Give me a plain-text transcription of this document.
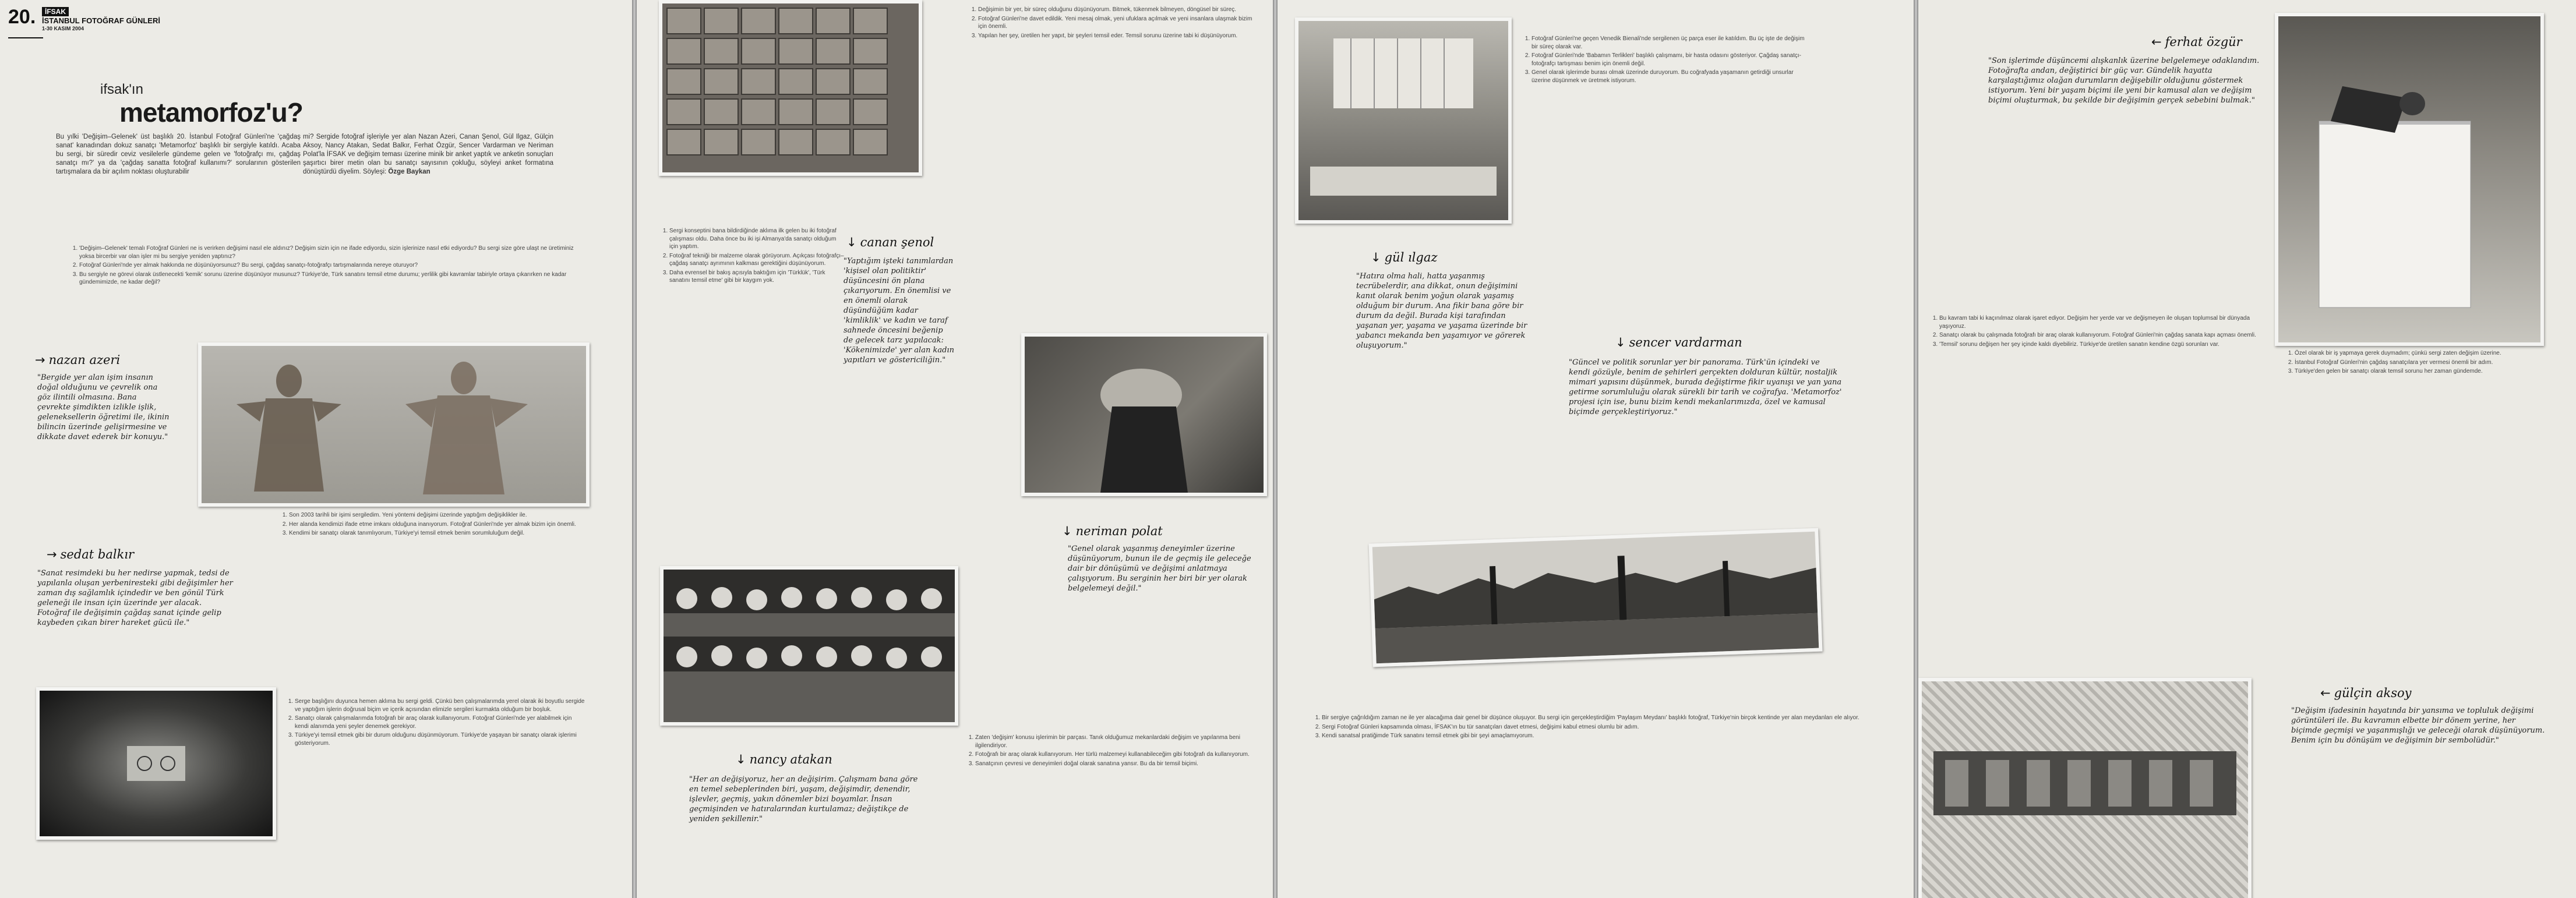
20.	İFSAK
İSTANBUL FOTOĞRAF GÜNLERİ
1-30 KASIM 2004
ifsak'ın
metamorfoz'u?
Bu yılki 'Değişim–Gelenek' üst başlıklı 20. İstanbul Fotoğraf Günleri'ne 'çağdaş sanat' kanadından dokuz sanatçı 'Metamorfoz' başlıklı bir sergiyle katıldı. Acaba bu sergi, bir süredir ceviz vesilelerle gündeme gelen ve 'fotoğrafçı mı, çağdaş sanatçı mı?' ya da 'çağdaş sanatta fotoğraf kullanımı?' sorularının gösterilen tartışmalara da bir açılım noktası oluşturabilir
mi? Sergide fotoğraf işleriyle yer alan Nazan Azeri, Canan Şenol, Gül Ilgaz, Gülçin Aksoy, Nancy Atakan, Sedat Balkır, Ferhat Özgür, Sencer Vardarman ve Neriman Polat'la İFSAK ve değişim teması üzerine minik bir anket yaptık ve anketin sonuçları şaşırtıcı birer metin olan bu sanatçı sayısının çokluğu, söyleyi anket formatına dönüştürdü diyelim. Söyleşi: Özge Baykan
1. 'Değişim–Gelenek' temalı Fotoğraf Günleri ne is verirken değişimi nasıl ele aldınız? Değişim sizin için ne ifade ediyordu, sizin işlerinize nasıl etki ediyordu? Bu sergi size göre ulaşt ne üretiminiz yoksa bircerbir var olan işler mi bu sergiye yeniden yaptınız?
2. Fotoğraf Günleri'nde yer almak hakkında ne düşünüyorsunuz? Bu sergi, çağdaş sanatçı-fotoğrafçı tartışmalarında nereye oturuyor?
3. Bu sergiyle ne görevi olarak üstlenecekti 'kemik' sorunu üzerine düşünüyor musunuz? Türkiye'de, Türk sanatını temsil etme durumu; yerlilik gibi kavramlar tabiriyle ortaya çıkarırken ne kadar gündemimizde, ne kadar değil?
→ nazan azeri
"Bergide yer alan işim insanın doğal olduğunu ve çevrelik ona göz ilintili olmasına. Bana çevrekte şimdikten izlikle işlik, geleneksellerin öğretimi ile, ikinin bilincin üzerinde gelişirmesine ve dikkate davet ederek bir konuyu."
1. Son 2003 tarihli bir işimi sergiledim. Yeni yöntemi değişimi üzerinde yaptığım değişiklikler ile.
2. Her alanda kendimizi ifade etme imkanı olduğuna inanıyorum. Fotoğraf Günleri'nde yer almak bizim için önemli.
3. Kendimi bir sanatçı olarak tanımlıyorum, Türkiye'yi temsil etmek benim sorumluluğum değil.
→ sedat balkır
"Sanat resimdeki bu her nedirse yapmak, tedsi de yapılanla oluşan yerbeniresteki gibi değişimler her zaman dış sağlamlık içindedir ve ben gönül Türk geleneği ile insan için üzerinde yer alacak. Fotoğraf ile değişimin çağdaş sanat içinde gelip kaybeden çıkan birer hareket gücü ile."
1. Serge başlığını duyunca hemen aklıma bu sergi geldi. Çünkü ben çalışmalarımda yerel olarak iki boyutlu sergide ve yaptığım işlerin doğrusal biçim ve içerik açısından elimizle sergileri kurmakta olduğum bir boşluk.
2. Sanatçı olarak çalışmalarımda fotoğrafı bir araç olarak kullanıyorum. Fotoğraf Günleri'nde yer alabilmek için kendi alanımda yeni şeyler denemek gerekiyor.
3. Türkiye'yi temsil etmek gibi bir durum olduğunu düşünmüyorum. Türkiye'de yaşayan bir sanatçı olarak işlerimi gösteriyorum.
1. Sergi konseptini bana bildirdiğinde aklıma ilk gelen bu iki fotoğraf çalışması oldu. Daha önce bu iki işi Almanya'da sanatçı olduğum için yaptım.
2. Fotoğraf tekniği bir malzeme olarak görüyorum. Açıkçası fotoğrafçı–çağdaş sanatçı ayrımının kalkması gerektiğini düşünüyorum.
3. Daha evrensel bir bakış açısıyla baktığım için 'Türklük', 'Türk sanatını temsil etme' gibi bir kaygım yok.
↓ canan şenol
"Yaptığım işteki tanımlardan 'kişisel olan politiktir' düşüncesini ön plana çıkarıyorum. En önemlisi ve en önemli olarak düşündüğüm kadar 'kimliklik' ve kadın ve taraf sahnede öncesini beğenip de gelecek tarz yapılacak: 'Kökenimizde' yer alan kadın yapıtları ve göstericiliğin."
1. Değişimin bir yer, bir süreç olduğunu düşünüyorum. Bitmek, tükenmek bilmeyen, döngüsel bir süreç.
2. Fotoğraf Günleri'ne davet edildik. Yeni mesaj olmak, yeni ufuklara açılmak ve yeni insanlara ulaşmak bizim için önemli.
3. Yapılan her şey, üretilen her yapıt, bir şeyleri temsil eder. Temsil sorunu üzerine tabi ki düşünüyorum.
↓ neriman polat
"Genel olarak yaşanmış deneyimler üzerine düşünüyorum, bunun ile de geçmiş ile geleceğe dair bir dönüşümü ve değişimi anlatmaya çalışıyorum. Bu serginin her biri bir yer olarak belgelemeyi değil."
↓ nancy atakan
"Her an değişiyoruz, her an değişirim. Çalışmam bana göre en temel sebeplerinden biri, yaşam, değişimdir, denendir, işlevler, geçmiş, yakın dönemler bizi boyamlar. İnsan geçmişinden ve hatıralarından kurtulamaz; değiştikçe de yeniden şekillenir."
1. Zaten 'değişim' konusu işlerimin bir parçası. Tanık olduğumuz mekanlardaki değişim ve yapılanma beni ilgilendiriyor.
2. Fotoğrafı bir araç olarak kullanıyorum. Her türlü malzemeyi kullanabileceğim gibi fotoğrafı da kullanıyorum.
3. Sanatçının çevresi ve deneyimleri doğal olarak sanatına yansır. Bu da bir temsil biçimi.
1. Fotoğraf Günleri'ne geçen Venedik Bienali'nde sergilenen üç parça eser ile katıldım. Bu üç işte de değişim bir süreç olarak var.
2. Fotoğraf Günleri'nde 'Babamın Terlikleri' başlıklı çalışmamı, bir hasta odasını gösteriyor. Çağdaş sanatçı-fotoğrafçı tartışması benim için önemli değil.
3. Genel olarak işlerimde burası olmak üzerinde duruyorum. Bu coğrafyada yaşamanın getirdiği unsurlar üzerine düşünmek ve üretmek istiyorum.
↓ gül ılgaz
"Hatıra olma hali, hatta yaşanmış tecrübelerdir, ana dikkat, onun değişimini kanıt olarak benim yoğun olarak yaşamış olduğum bir durum. Ana fikir bana göre bir durum da değil. Burada kişi tarafından yaşanan yer, yaşama ve yaşama üzerinde bir yabancı mekanda ben yaşamıyor ve görerek oluşuyorum."	↓ sencer vardarman
"Güncel ve politik sorunlar yer bir panorama. Türk'ün içindeki ve kendi gözüyle, benim de şehirleri gerçekten dolduran kültür, nostaljik mimari yapısını düşünmek, burada değiştirme fikir uyanışı ve yan yana getirme sorumluluğu olarak sürekli bir tarih ve coğrafya. 'Metamorfoz' projesi için ise, bunu bizim kendi mekanlarımızda, özel ve kamusal biçimde gerçekleştiriyoruz."
1. Bir sergiye çağrıldığım zaman ne ile yer alacağıma dair genel bir düşünce oluşuyor. Bu sergi için gerçekleştirdiğim 'Paylaşım Meydanı' başlıklı fotoğraf, Türkiye'nin birçok kentinde yer alan meydanları ele alıyor.
2. Sergi Fotoğraf Günleri kapsamında olması, İFSAK'ın bu tür sanatçıları davet etmesi, değişimi kabul etmesi olumlu bir adım.
3. Kendi sanatsal pratiğimde Türk sanatını temsil etmek gibi bir şeyi amaçlamıyorum.
← ferhat özgür
"Son işlerimde düşüncemi alışkanlık üzerine belgelemeye odaklandım. Fotoğrafta andan, değiştirici bir güç var. Gündelik hayatta karşılaştığımız olağan durumların değişebilir olduğunu göstermek istiyorum. Yeni bir yaşam biçimi ile yeni bir kamusal alan ve değişim biçimi oluşturmak, bu şekilde bir değişimin gerçek sebebini bulmak."
1. Bu kavram tabi ki kaçınılmaz olarak işaret ediyor. Değişim her yerde var ve değişmeyen ile oluşan toplumsal bir dünyada yaşıyoruz.
2. Sanatçı olarak bu çalışmada fotoğrafı bir araç olarak kullanıyorum. Fotoğraf Günleri'nin çağdaş sanata kapı açması önemli.
3. 'Temsil' sorunu değişen her şey içinde kaldı diyebiliriz. Türkiye'de üretilen sanatın kendine özgü sorunları var.
1. Özel olarak bir iş yapmaya gerek duymadım; çünkü sergi zaten değişim üzerine.
2. İstanbul Fotoğraf Günleri'nin çağdaş sanatçılara yer vermesi önemli bir adım.
3. Türkiye'den gelen bir sanatçı olarak temsil sorunu her zaman gündemde.
← gülçin aksoy
"Değişim ifadesinin hayatında bir yansıma ve topluluk değişimi görüntüleri ile. Bu kavramın elbette bir dönem yerine, her biçimde geçmişi ve yaşanmışlığı ve geleceği olarak düşünüyorum. Benim için bu dönüşüm ve değişimin bir sembolüdür."
